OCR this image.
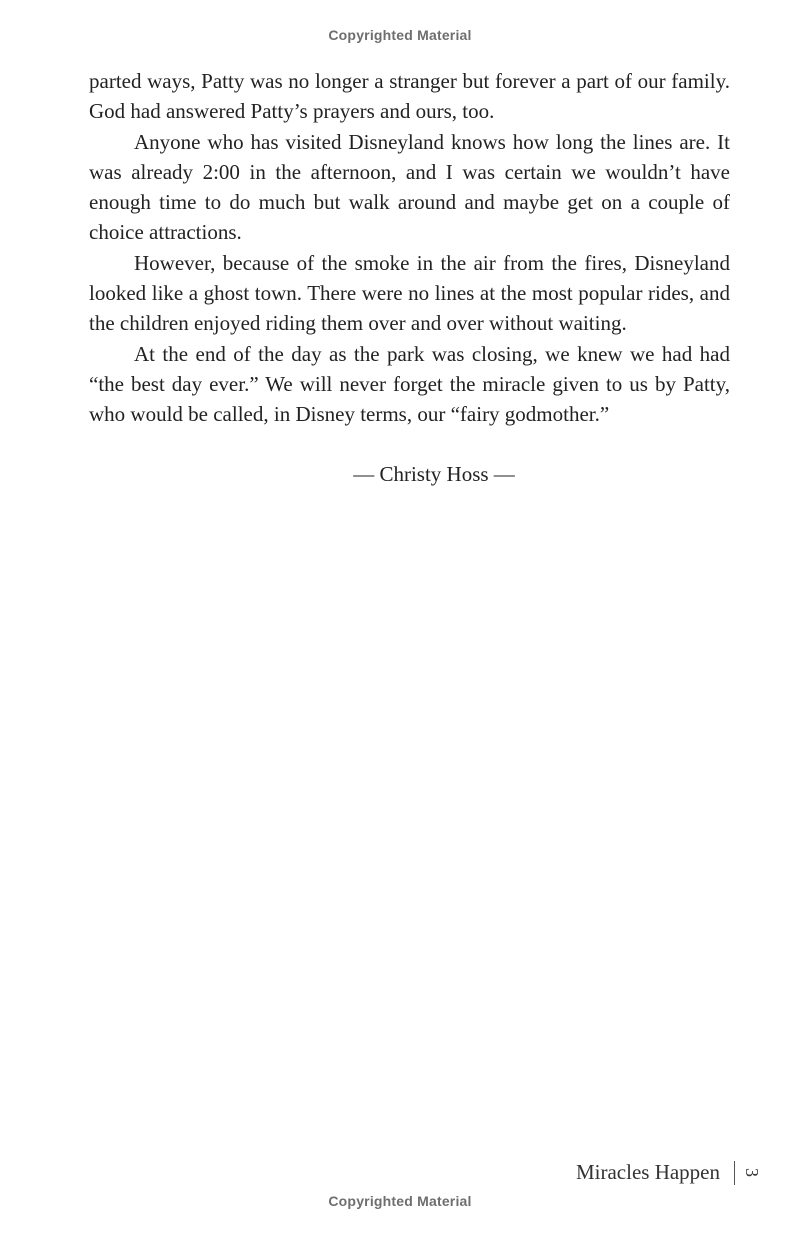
Copyrighted Material

parted ways, Patty was no longer a stranger but forever a part of our family. God had answered Patty’s prayers and ours, too.

Anyone who has visited Disneyland knows how long the lines are. It was already 2:00 in the afternoon, and I was certain we wouldn’t have enough time to do much but walk around and maybe get on a couple of choice attractions.

However, because of the smoke in the air from the fires, Disneyland looked like a ghost town. There were no lines at the most popular rides, and the children enjoyed riding them over and over without waiting.

At the end of the day as the park was closing, we knew we had had “the best day ever.” We will never forget the miracle given to us by Patty, who would be called, in Disney terms, our “fairy godmother.”

— Christy Hoss —
Miracles Happen 3
Copyrighted Material
